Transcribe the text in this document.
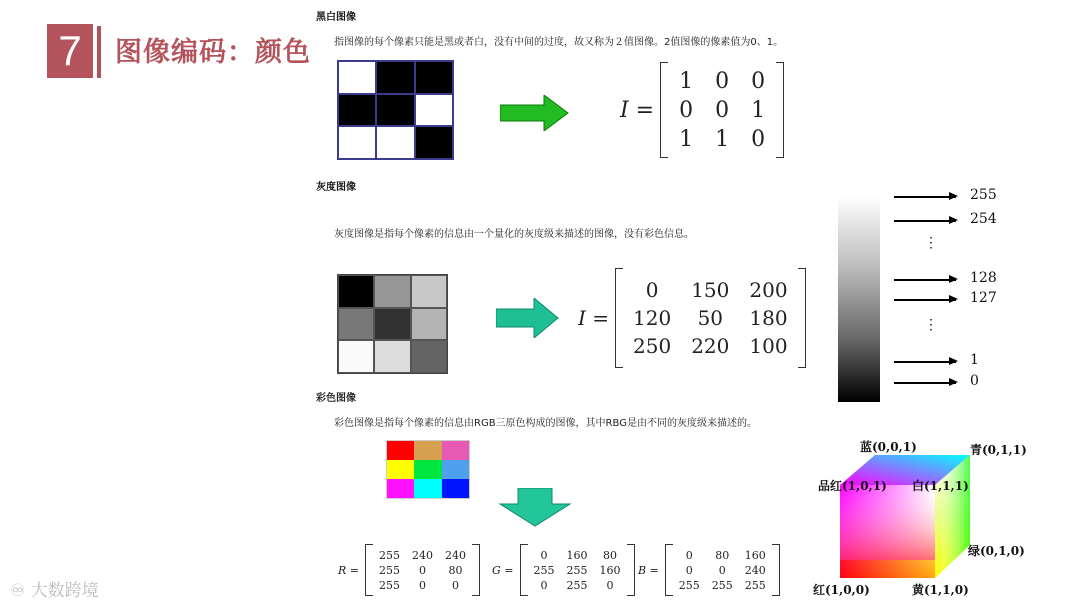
7	图像编码：颜色
黑白图像
指图像的每个像素只能是黑或者白，没有中间的过度，故又称为２值图像。2值图像的像素值为0、1。
I =
1	0	0
0	0	1
1	1	0
灰度图像
灰度图像是指每个像素的信息由一个量化的灰度级来描述的图像，没有彩色信息。
I =
0	150	200
120	50	180
250	220	100
255
254
⋮
128
127
⋮
1
0
彩色图像
彩色图像是指每个像素的信息由RGB三原色构成的图像，其中RBG是由不同的灰度级来描述的。
R =
255	240	240
255	0	80
255	0	0
G =
0	160	80
255	255	160
0	255	0
B =
0	80	160
0	0	240
255	255	255
蓝(0,0,1)	青(0,1,1)
品红(1,0,1) 白(1,1,1)
绿(0,1,0)
红(1,0,0)	黄(1,1,0)
♾ 大数跨境
